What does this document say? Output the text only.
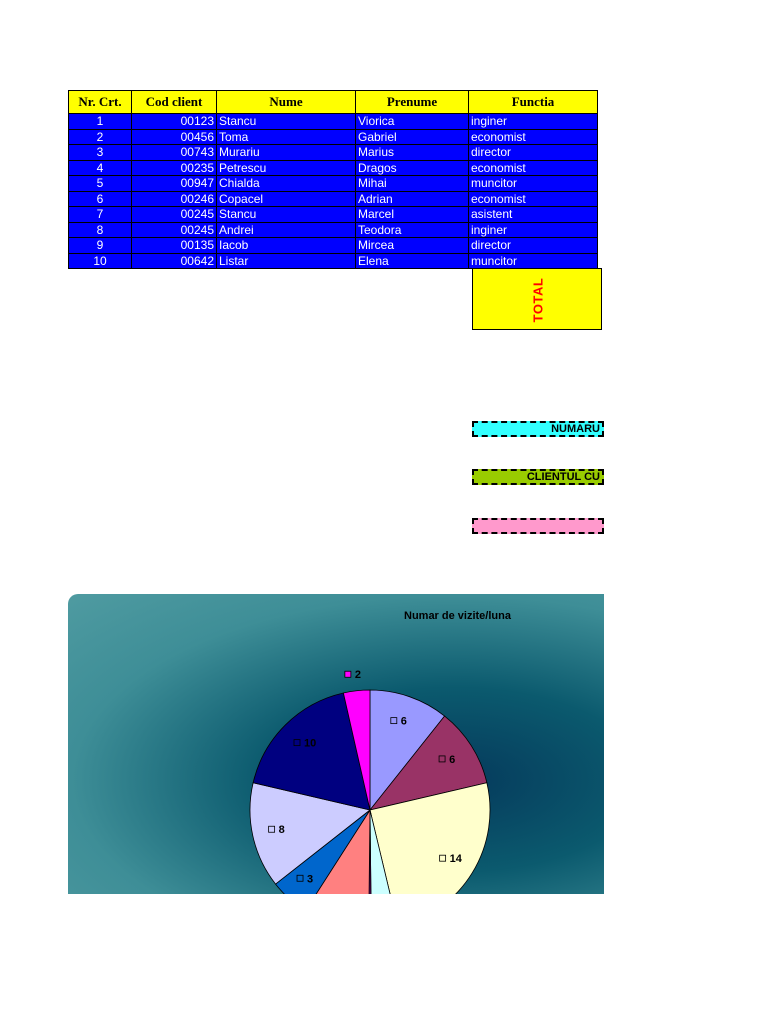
Nr. Crt.	Cod client	Nume	Prenume	Functia
1	00123	Stancu	Viorica	inginer
2	00456	Toma	Gabriel	economist
3	00743	Murariu	Marius	director
4	00235	Petrescu	Dragos	economist
5	00947	Chialda	Mihai	muncitor
6	00246	Copacel	Adrian	economist
7	00245	Stancu	Marcel	asistent
8	00245	Andrei	Teodora	inginer
9	00135	Iacob	Mircea	director
10	00642	Listar	Elena	muncitor
TOTAL
NUMARU
CLIENTUL CU
Numar de vizite/luna
6
6
14
3
8
10
2
